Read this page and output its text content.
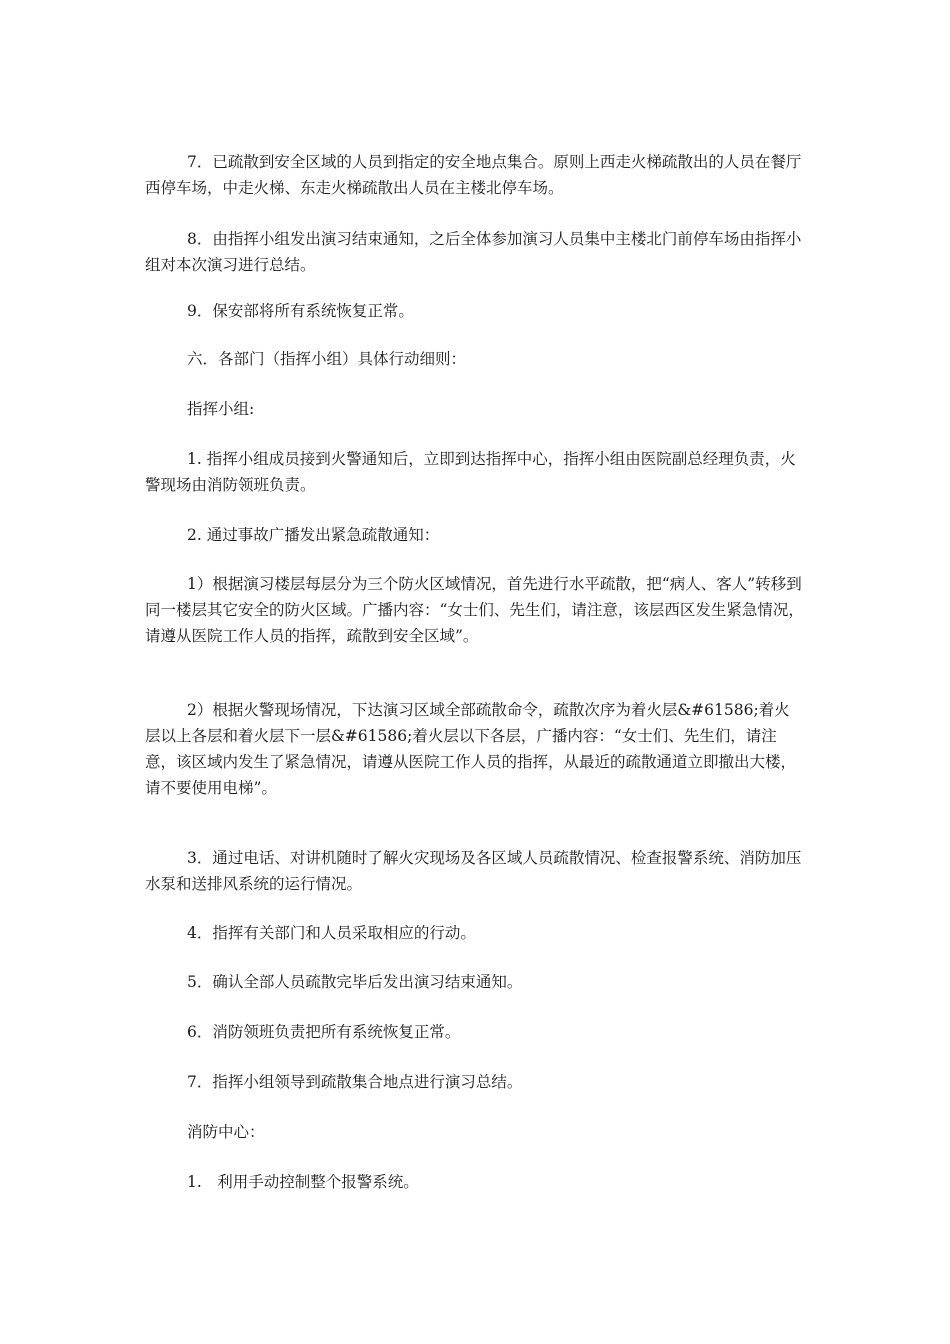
7．已疏散到安全区域的人员到指定的安全地点集合。原则上西走火梯疏散出的人员在餐厅西停车场，中走火梯、东走火梯疏散出人员在主楼北停车场。

8．由指挥小组发出演习结束通知，之后全体参加演习人员集中主楼北门前停车场由指挥小组对本次演习进行总结。

9．保安部将所有系统恢复正常。

六．各部门（指挥小组）具体行动细则：

指挥小组:

1. 指挥小组成员接到火警通知后，立即到达指挥中心，指挥小组由医院副总经理负责，火警现场由消防领班负责。

2. 通过事故广播发出紧急疏散通知：

1）根据演习楼层每层分为三个防火区域情况，首先进行水平疏散，把“病人、客人”转移到同一楼层其它安全的防火区域。广播内容：“女士们、先生们，请注意，该层西区发生紧急情况，请遵从医院工作人员的指挥，疏散到安全区域”。

2）根据火警现场情况，下达演习区域全部疏散命令，疏散次序为着火层&#61586;着火层以上各层和着火层下一层&#61586;着火层以下各层，广播内容：“女士们、先生们，请注意，该区域内发生了紧急情况，请遵从医院工作人员的指挥，从最近的疏散通道立即撤出大楼，请不要使用电梯”。

3．通过电话、对讲机随时了解火灾现场及各区域人员疏散情况、检查报警系统、消防加压水泵和送排风系统的运行情况。

4．指挥有关部门和人员采取相应的行动。

5．确认全部人员疏散完毕后发出演习结束通知。

6．消防领班负责把所有系统恢复正常。

7．指挥小组领导到疏散集合地点进行演习总结。

消防中心：

1.　利用手动控制整个报警系统。
